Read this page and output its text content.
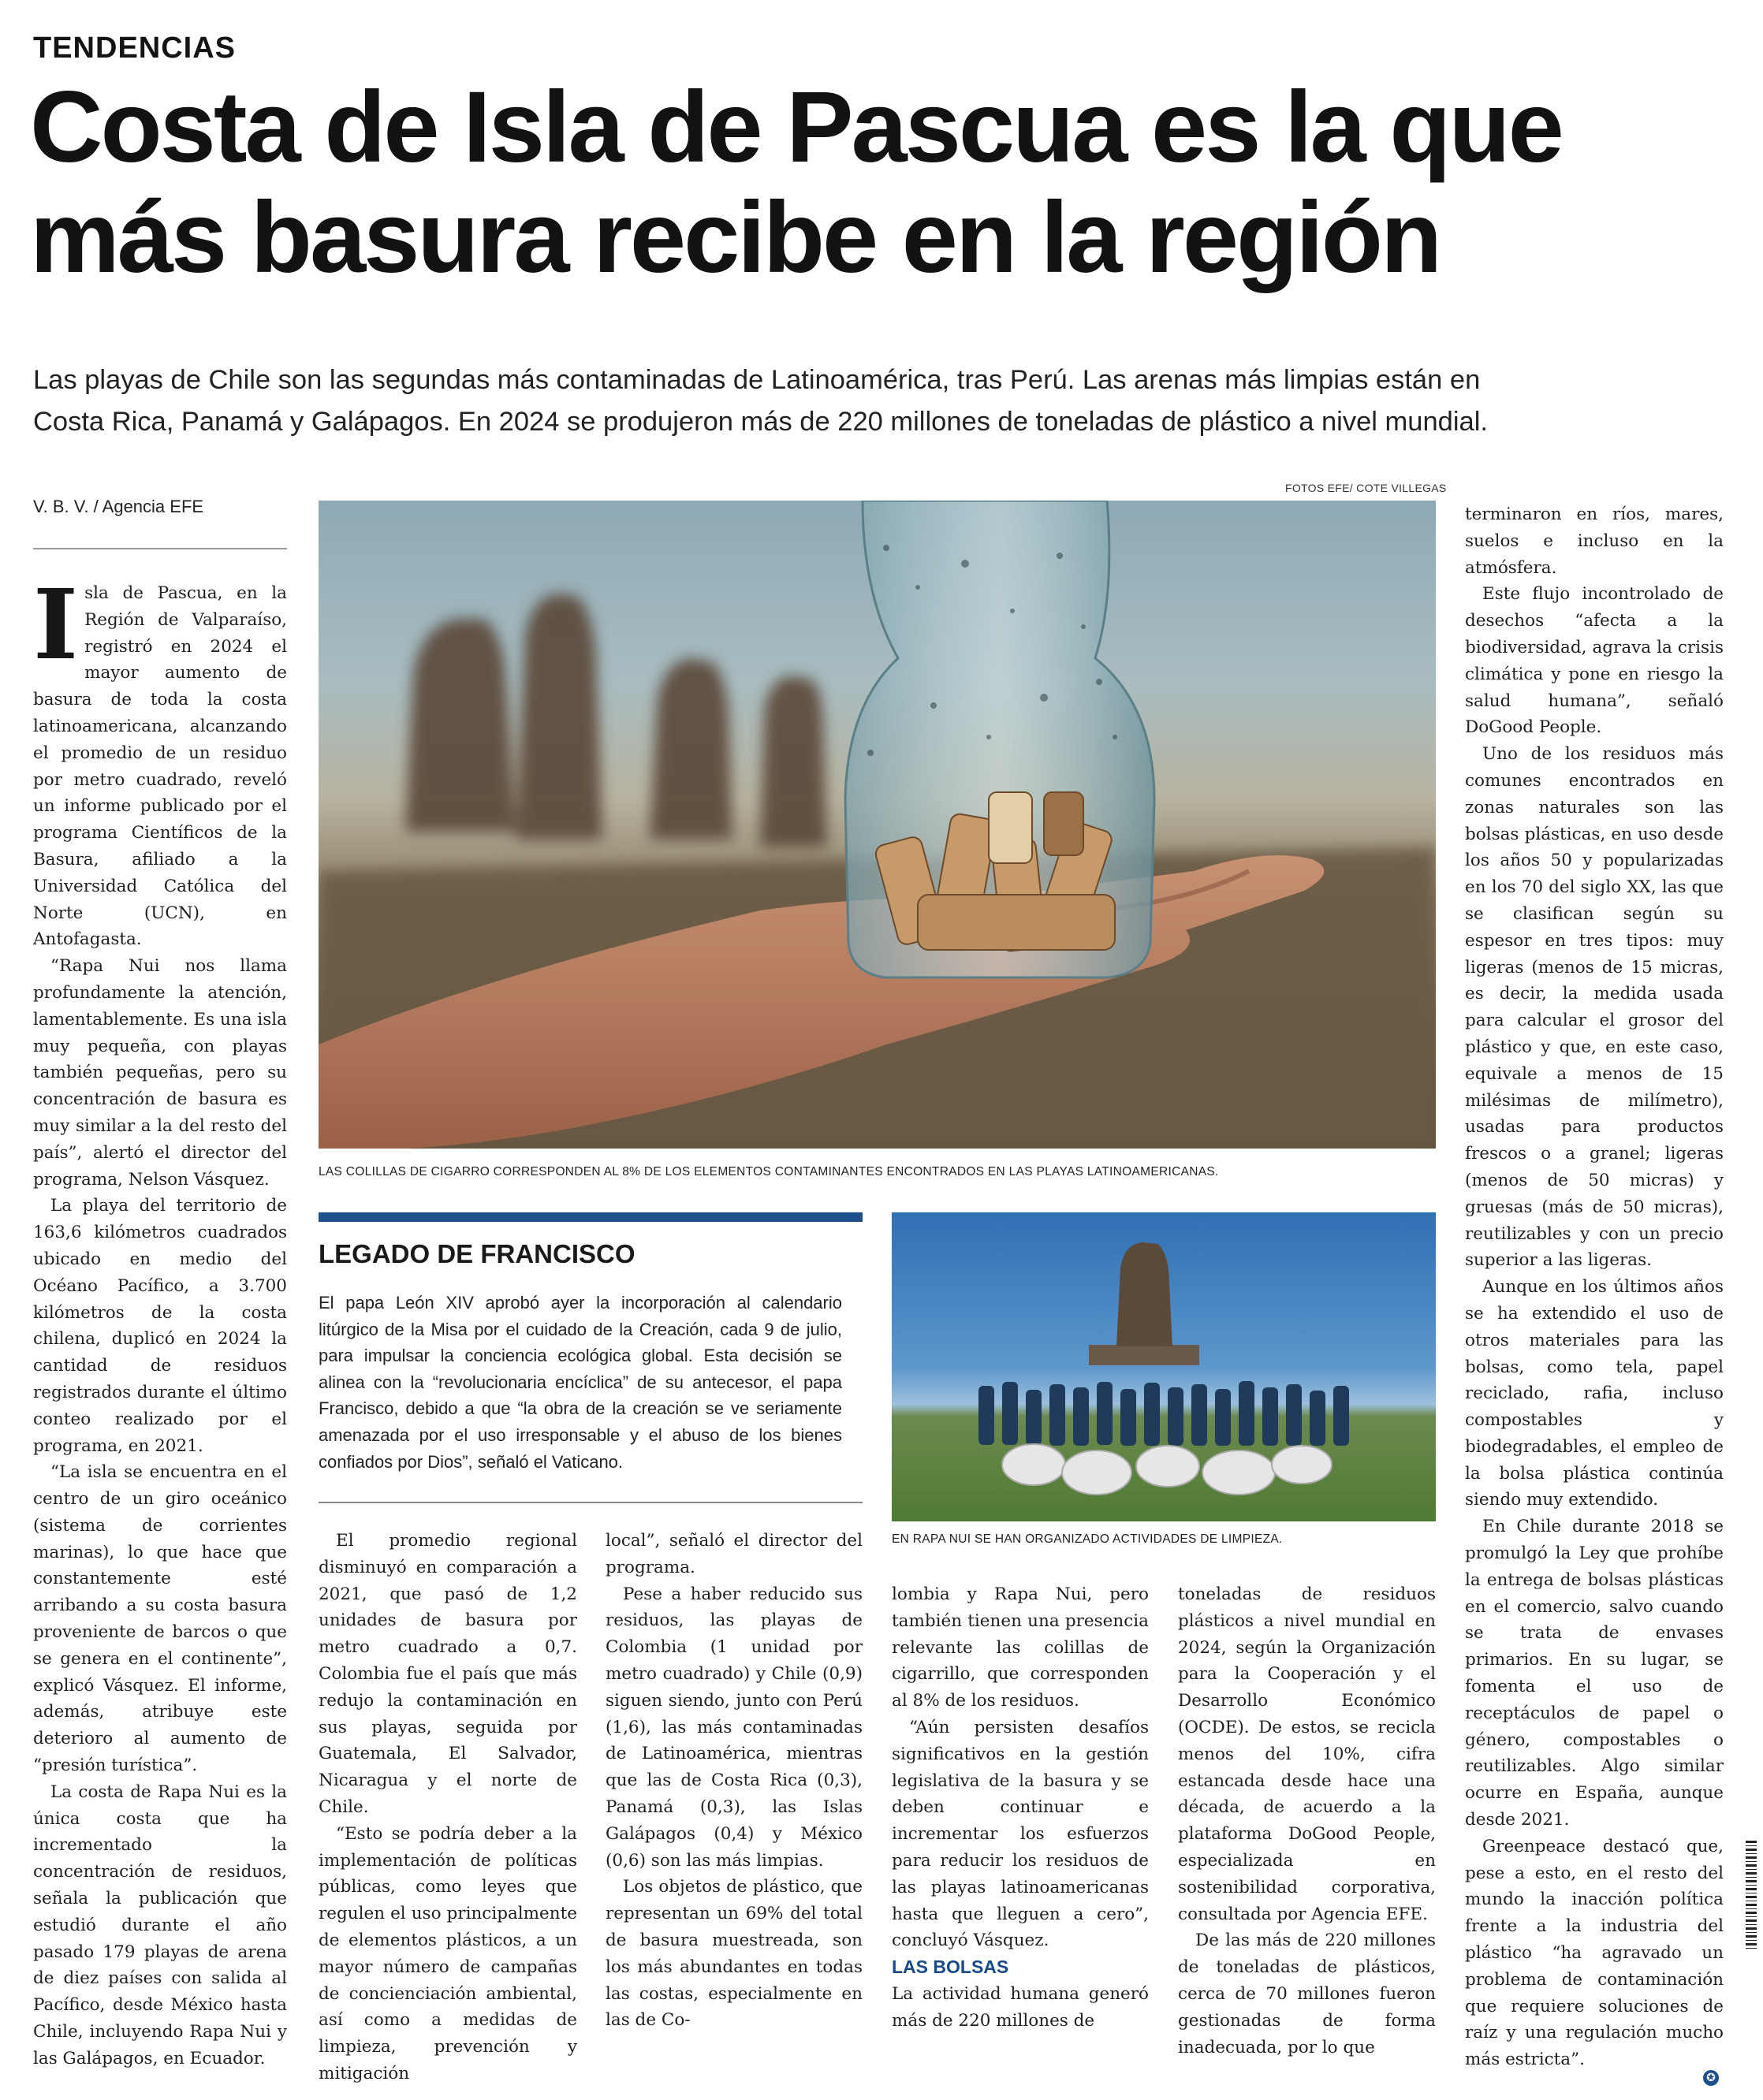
TENDENCIAS
Costa de Isla de Pascua es la que
más basura recibe en la región
Las playas de Chile son las segundas más contaminadas de Latinoamérica, tras Perú. Las arenas más limpias están en
Costa Rica, Panamá y Galápagos. En 2024 se produjeron más de 220 millones de toneladas de plástico a nivel mundial.
V. B. V. / Agencia EFE
FOTOS EFE/ COTE VILLEGAS
LAS COLILLAS DE CIGARRO CORRESPONDEN AL 8% DE LOS ELEMENTOS CONTAMINANTES ENCONTRADOS EN LAS PLAYAS LATINOAMERICANAS.
LEGADO DE FRANCISCO
El papa León XIV aprobó ayer la incorporación al calendario litúrgico de la Misa por el cuidado de la Creación, cada 9 de julio, para impulsar la conciencia ecológica global. Esta decisión se alinea con la “revolucionaria encíclica” de su antecesor, el papa Francisco, debido a que “la obra de la creación se ve seriamente amenazada por el uso irresponsable y el abuso de los bienes confiados por Dios”, señaló el Vaticano.
EN RAPA NUI SE HAN ORGANIZADO ACTIVIDADES DE LIMPIEZA.

I sla de Pascua, en la Región de Valparaíso, registró en 2024 el mayor aumento de basura de toda la costa latinoamericana, alcanzando el promedio de un residuo por metro cuadrado, reveló un informe publicado por el programa Científicos de la Basura, afiliado a la Universidad Católica del Norte (UCN), en Antofagasta.

“Rapa Nui nos llama profundamente la atención, lamentablemente. Es una isla muy pequeña, con playas también pequeñas, pero su concentración de basura es muy similar a la del resto del país”, alertó el director del programa, Nelson Vásquez.

La playa del territorio de 163,6 kilómetros cuadrados ubicado en medio del Océano Pacífico, a 3.700 kilómetros de la costa chilena, duplicó en 2024 la cantidad de residuos registrados durante el último conteo realizado por el programa, en 2021.

“La isla se encuentra en el centro de un giro oceánico (sistema de corrientes marinas), lo que hace que constantemente esté arribando a su costa basura proveniente de barcos o que se genera en el continente”, explicó Vásquez. El informe, además, atribuye este deterioro al aumento de “presión turística”.

La costa de Rapa Nui es la única costa que ha incrementado la concentración de residuos, señala la publicación que estudió durante el año pasado 179 playas de arena de diez países con salida al Pacífico, desde México hasta Chile, incluyendo Rapa Nui y las Galápagos, en Ecuador.

El promedio regional disminuyó en comparación a 2021, que pasó de 1,2 unidades de basura por metro cuadrado a 0,7. Colombia fue el país que más redujo la contaminación en sus playas, seguida por Guatemala, El Salvador, Nicaragua y el norte de Chile.

“Esto se podría deber a la implementación de políticas públicas, como leyes que regulen el uso principalmente de elementos plásticos, a un mayor número de campañas de concienciación ambiental, así como a medidas de limpieza, prevención y mitigación

local”, señaló el director del programa.

Pese a haber reducido sus residuos, las playas de Colombia (1 unidad por metro cuadrado) y Chile (0,9) siguen siendo, junto con Perú (1,6), las más contaminadas de Latinoamérica, mientras que las de Costa Rica (0,3), Panamá (0,3), las Islas Galápagos (0,4) y México (0,6) son las más limpias.

Los objetos de plástico, que representan un 69% del total de basura muestreada, son los más abundantes en todas las costas, especialmente en las de Co-

lombia y Rapa Nui, pero también tienen una presencia relevante las colillas de cigarrillo, que corresponden al 8% de los residuos.

“Aún persisten desafíos significativos en la gestión legislativa de la basura y se deben continuar e incrementar los esfuerzos para reducir los residuos de las playas latinoamericanas hasta que lleguen a cero”, concluyó Vásquez.

LAS BOLSAS

La actividad humana generó más de 220 millones de

toneladas de residuos plásticos a nivel mundial en 2024, según la Organización para la Cooperación y el Desarrollo Económico (OCDE). De estos, se recicla menos del 10%, cifra estancada desde hace una década, de acuerdo a la plataforma DoGood People, especializada en sostenibilidad corporativa, consultada por Agencia EFE.

De las más de 220 millones de toneladas de plásticos, cerca de 70 millones fueron gestionadas de forma inadecuada, por lo que

terminaron en ríos, mares, suelos e incluso en la atmósfera.

Este flujo incontrolado de desechos “afecta a la biodiversidad, agrava la crisis climática y pone en riesgo la salud humana”, señaló DoGood People.

Uno de los residuos más comunes encontrados en zonas naturales son las bolsas plásticas, en uso desde los años 50 y popularizadas en los 70 del siglo XX, las que se clasifican según su espesor en tres tipos: muy ligeras (menos de 15 micras, es decir, la medida usada para calcular el grosor del plástico y que, en este caso, equivale a menos de 15 milésimas de milímetro), usadas para productos frescos o a granel; ligeras (menos de 50 micras) y gruesas (más de 50 micras), reutilizables y con un precio superior a las ligeras.

Aunque en los últimos años se ha extendido el uso de otros materiales para las bolsas, como tela, papel reciclado, rafia, incluso compostables y biodegradables, el empleo de la bolsa plástica continúa siendo muy extendido.

En Chile durante 2018 se promulgó la Ley que prohíbe la entrega de bolsas plásticas en el comercio, salvo cuando se trata de envases primarios. En su lugar, se fomenta el uso de receptáculos de papel o género, compostables o reutilizables. Algo similar ocurre en España, aunque desde 2021.

Greenpeace destacó que, pese a esto, en el resto del mundo la inacción política frente a la industria del plástico “ha agravado un problema de contaminación que requiere soluciones de raíz y una regulación mucho más estricta”.

✪
